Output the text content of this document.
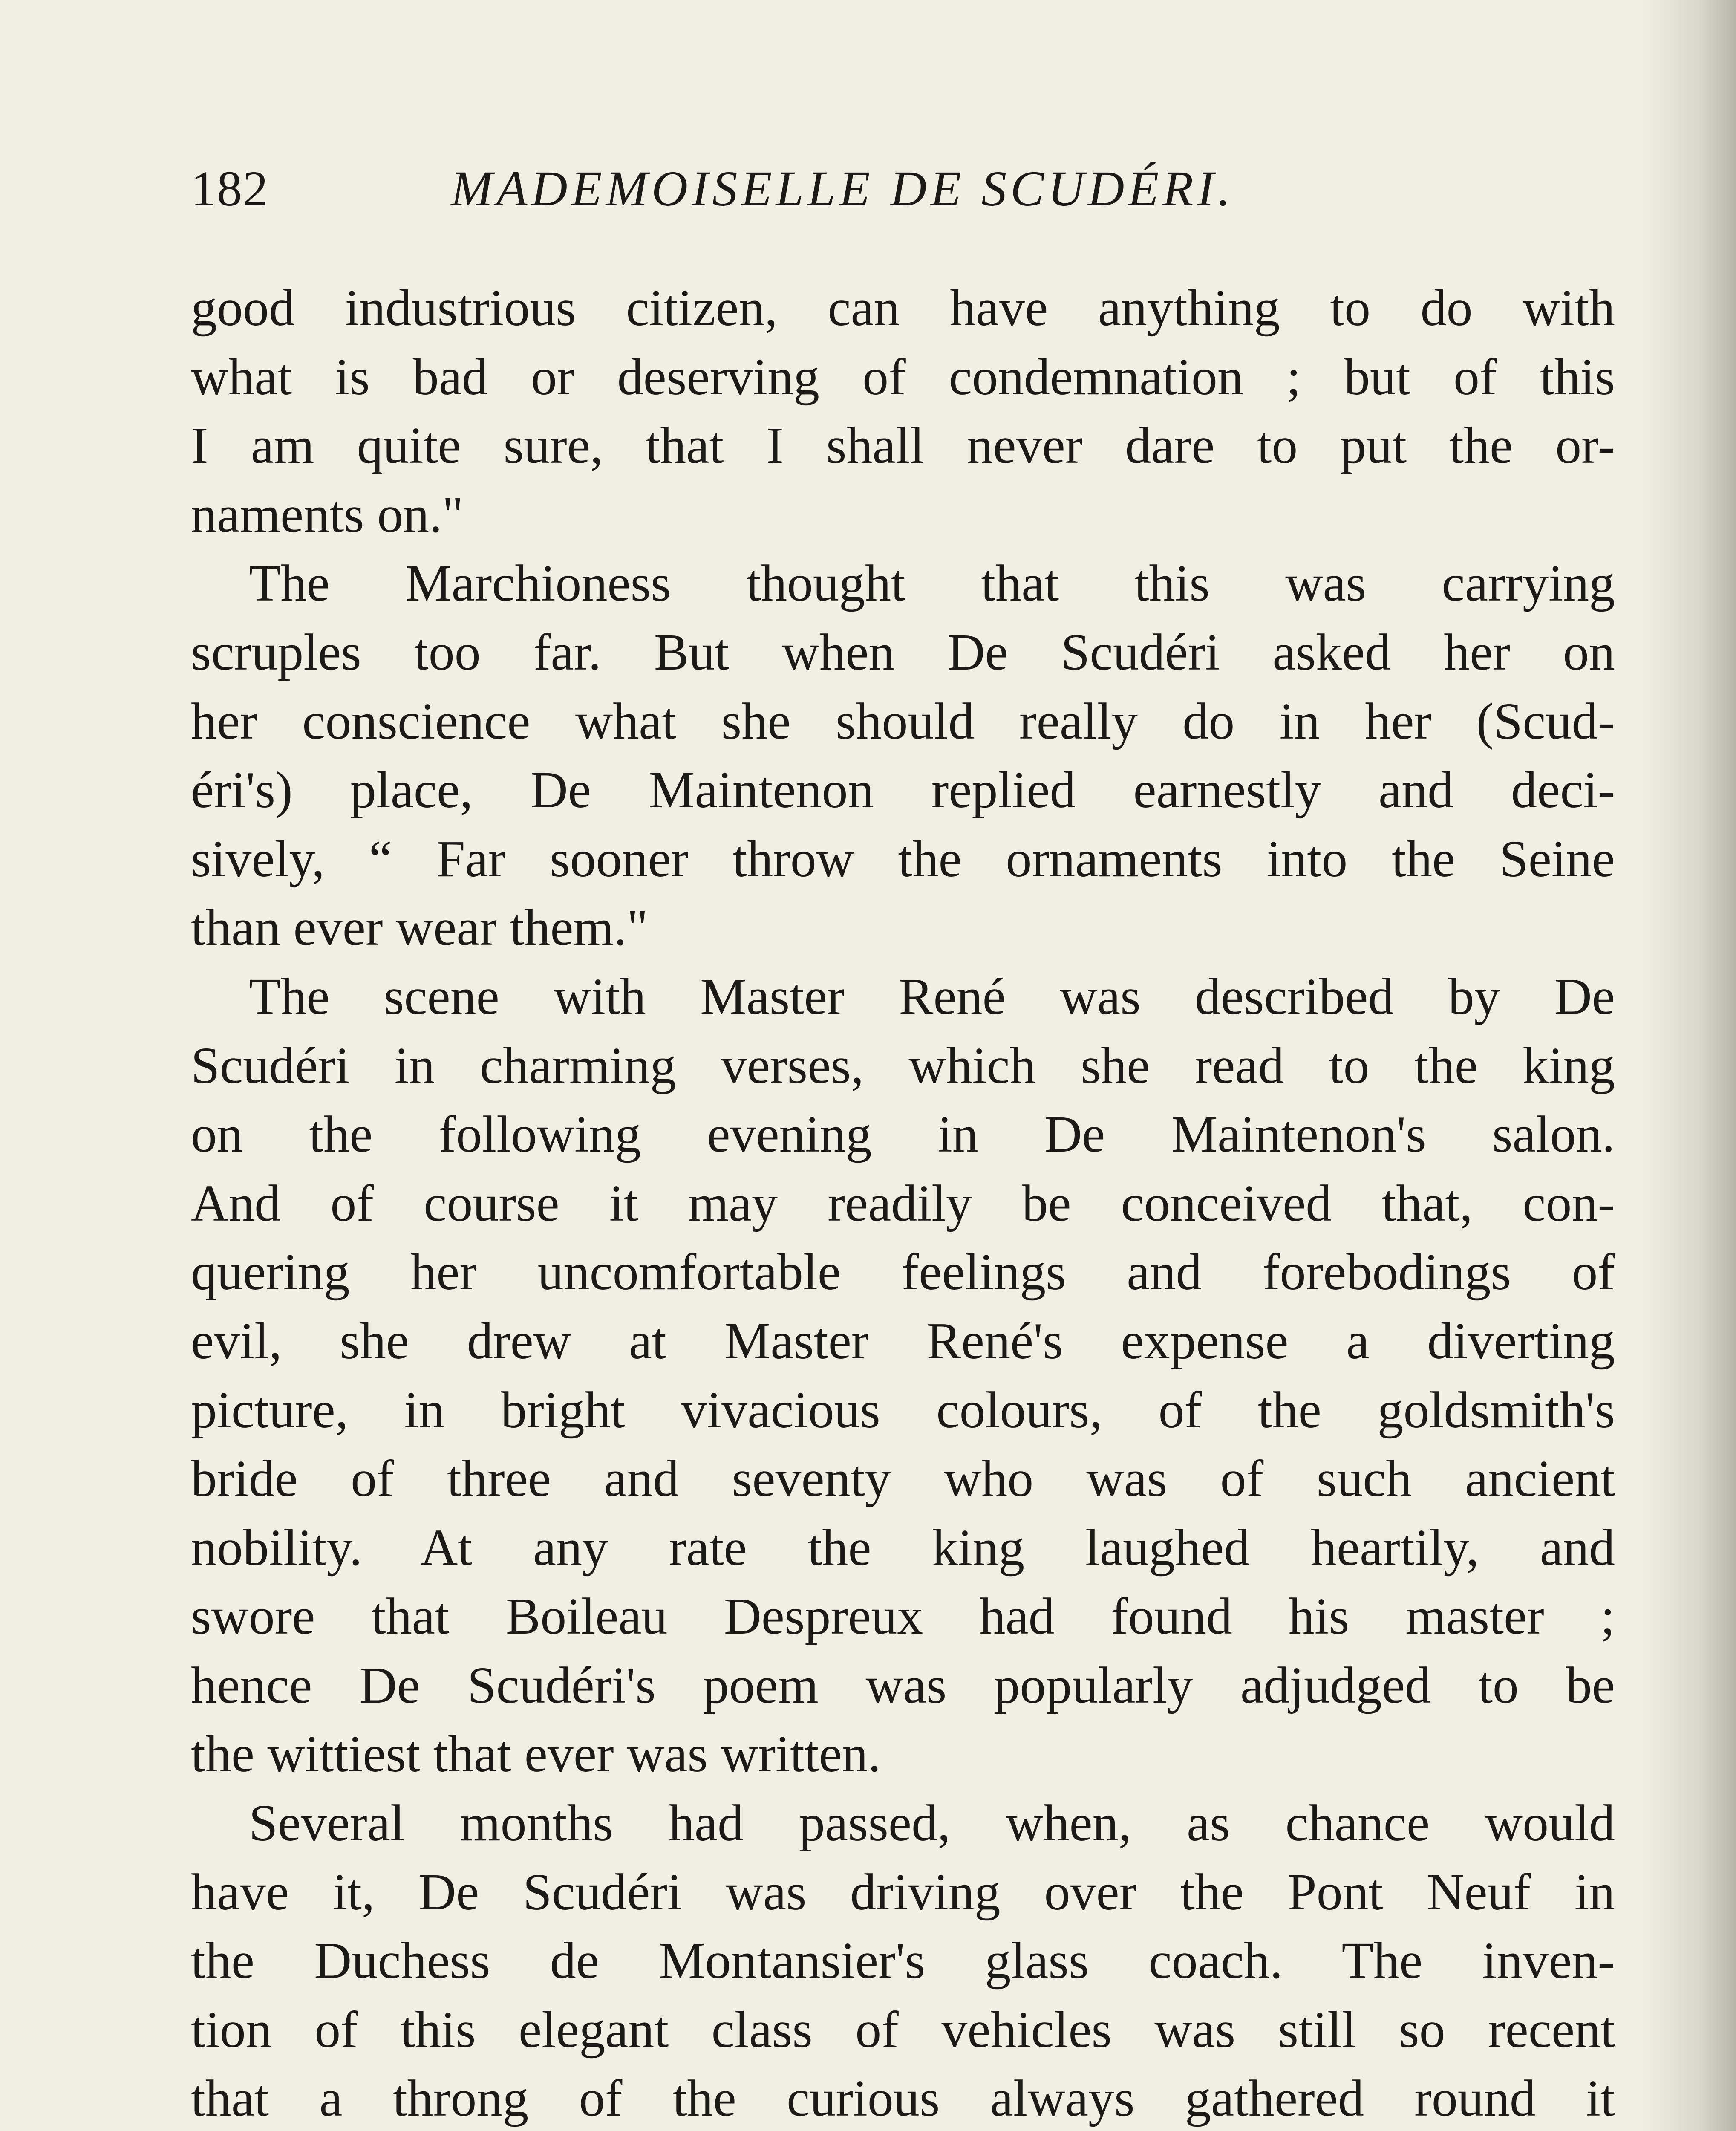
182	MADEMOISELLE DE SCUDÉRI.
good industrious citizen, can have anything to do with
what is bad or deserving of condemnation ; but of this
I am quite sure, that I shall never dare to put the or-
naments on."
The Marchioness thought that this was carrying
scruples too far. But when De Scudéri asked her on
her conscience what she should really do in her (Scud-
éri's) place, De Maintenon replied earnestly and deci-
sively, “ Far sooner throw the ornaments into the Seine
than ever wear them."
The scene with Master René was described by De
Scudéri in charming verses, which she read to the king
on the following evening in De Maintenon's salon.
And of course it may readily be conceived that, con-
quering her uncomfortable feelings and forebodings of
evil, she drew at Master René's expense a diverting
picture, in bright vivacious colours, of the goldsmith's
bride of three and seventy who was of such ancient
nobility. At any rate the king laughed heartily, and
swore that Boileau Despreux had found his master ;
hence De Scudéri's poem was popularly adjudged to be
the wittiest that ever was written.
Several months had passed, when, as chance would
have it, De Scudéri was driving over the Pont Neuf in
the Duchess de Montansier's glass coach. The inven-
tion of this elegant class of vehicles was still so recent
that a throng of the curious always gathered round it
